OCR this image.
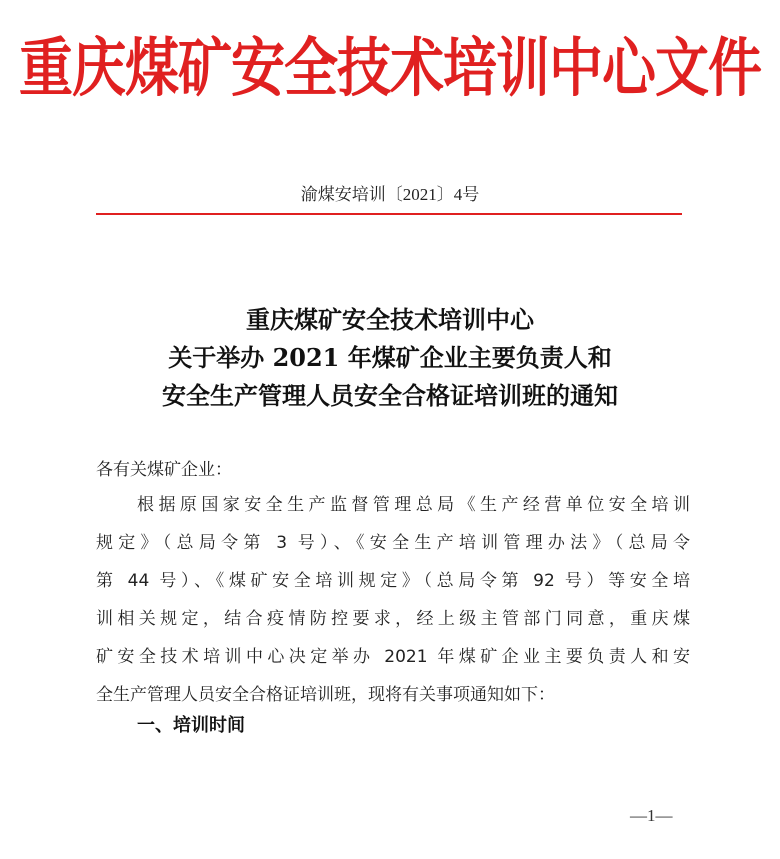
重庆煤矿安全技术培训中心文件
渝煤安培训〔2021〕4号
重庆煤矿安全技术培训中心
关于举办 2021 年煤矿企业主要负责人和
安全生产管理人员安全合格证培训班的通知
各有关煤矿企业：
根据原国家安全生产监督管理总局《生产经营单位安全培训
规定》（总局令第 3 号）、《安全生产培训管理办法》（总局令
第 44 号）、《煤矿安全培训规定》（总局令第 92 号）等安全培
训相关规定，结合疫情防控要求，经上级主管部门同意，重庆煤
矿安全技术培训中心决定举办 2021 年煤矿企业主要负责人和安
全生产管理人员安全合格证培训班，现将有关事项通知如下：
一、培训时间
—1—
